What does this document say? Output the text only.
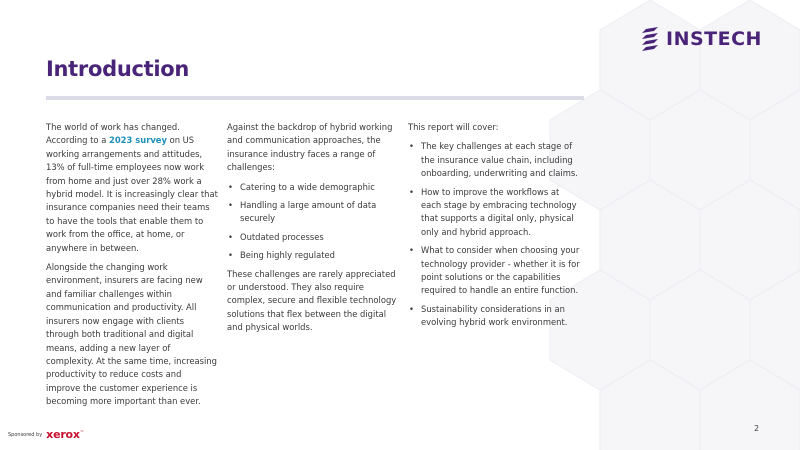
INSTECH
Introduction

The world of work has changed. According to a 2023 survey on US working arrangements and attitudes, 13% of full-time employees now work from home and just over 28% work a hybrid model. It is increasingly clear that insurance companies need their teams to have the tools that enable them to work from the office, at home, or anywhere in between.

Alongside the changing work environment, insurers are facing new and familiar challenges within communication and productivity. All insurers now engage with clients through both traditional and digital means, adding a new layer of complexity. At the same time, increasing productivity to reduce costs and improve the customer experience is becoming more important than ever.

Against the backdrop of hybrid working and communication approaches, the insurance industry faces a range of challenges:

• Catering to a wide demographic
• Handling a large amount of data securely
• Outdated processes
• Being highly regulated

These challenges are rarely appreciated or understood. They also require complex, secure and flexible technology solutions that flex between the digital and physical worlds.

This report will cover:

• The key challenges at each stage of the insurance value chain, including onboarding, underwriting and claims.
• How to improve the workflows at each stage by embracing technology that supports a digital only, physical only and hybrid approach.
• What to consider when choosing your technology provider - whether it is for point solutions or the capabilities required to handle an entire function.
• Sustainability considerations in an evolving hybrid work environment.
Sponsored by xerox™	2
